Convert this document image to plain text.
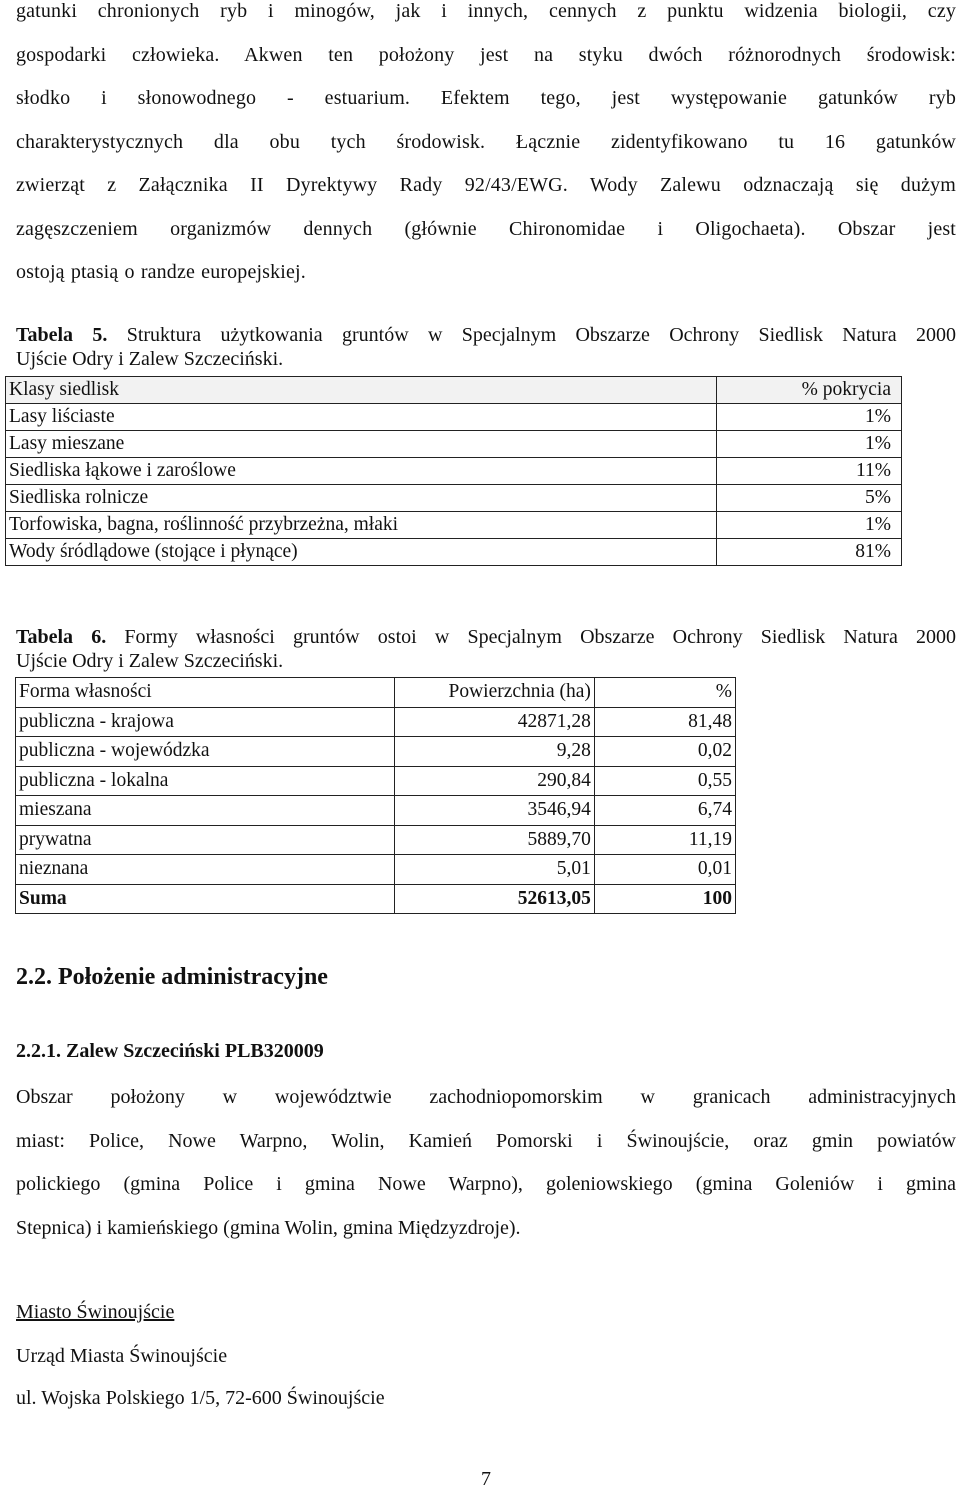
gatunki chronionych ryb i minogów, jak i innych, cennych z punktu widzenia biologii, czy
gospodarki człowieka. Akwen ten położony jest na styku dwóch różnorodnych środowisk:
słodko i słonowodnego - estuarium. Efektem tego, jest występowanie gatunków ryb
charakterystycznych dla obu tych środowisk. Łącznie zidentyfikowano tu 16 gatunków
zwierząt z Załącznika II Dyrektywy Rady 92/43/EWG. Wody Zalewu odznaczają się dużym
zagęszczeniem organizmów dennych (głównie Chironomidae i Oligochaeta). Obszar jest
ostoją ptasią o randze europejskiej.
Tabela 5. Struktura użytkowania gruntów w Specjalnym Obszarze Ochrony Siedlisk Natura 2000
Ujście Odry i Zalew Szczeciński.
Klasy siedlisk	% pokrycia
Lasy liściaste	1%
Lasy mieszane	1%
Siedliska łąkowe i zaroślowe	11%
Siedliska rolnicze	5%
Torfowiska, bagna, roślinność przybrzeżna, młaki	1%
Wody śródlądowe (stojące i płynące)	81%
Tabela 6. Formy własności gruntów ostoi w Specjalnym Obszarze Ochrony Siedlisk Natura 2000
Ujście Odry i Zalew Szczeciński.
Forma własności	Powierzchnia (ha)	%
publiczna - krajowa	42871,28	81,48
publiczna - wojewódzka	9,28	0,02
publiczna - lokalna	290,84	0,55
mieszana	3546,94	6,74
prywatna	5889,70	11,19
nieznana	5,01	0,01
Suma	52613,05	100
2.2. Położenie administracyjne
2.2.1. Zalew Szczeciński PLB320009
Obszar położony w województwie zachodniopomorskim w granicach administracyjnych
miast: Police, Nowe Warpno, Wolin, Kamień Pomorski i Świnoujście, oraz gmin powiatów
polickiego (gmina Police i gmina Nowe Warpno), goleniowskiego (gmina Goleniów i gmina
Stepnica) i kamieńskiego (gmina Wolin, gmina Międzyzdroje).
Miasto Świnoujście
Urząd Miasta Świnoujście
ul. Wojska Polskiego 1/5, 72-600 Świnoujście
7
